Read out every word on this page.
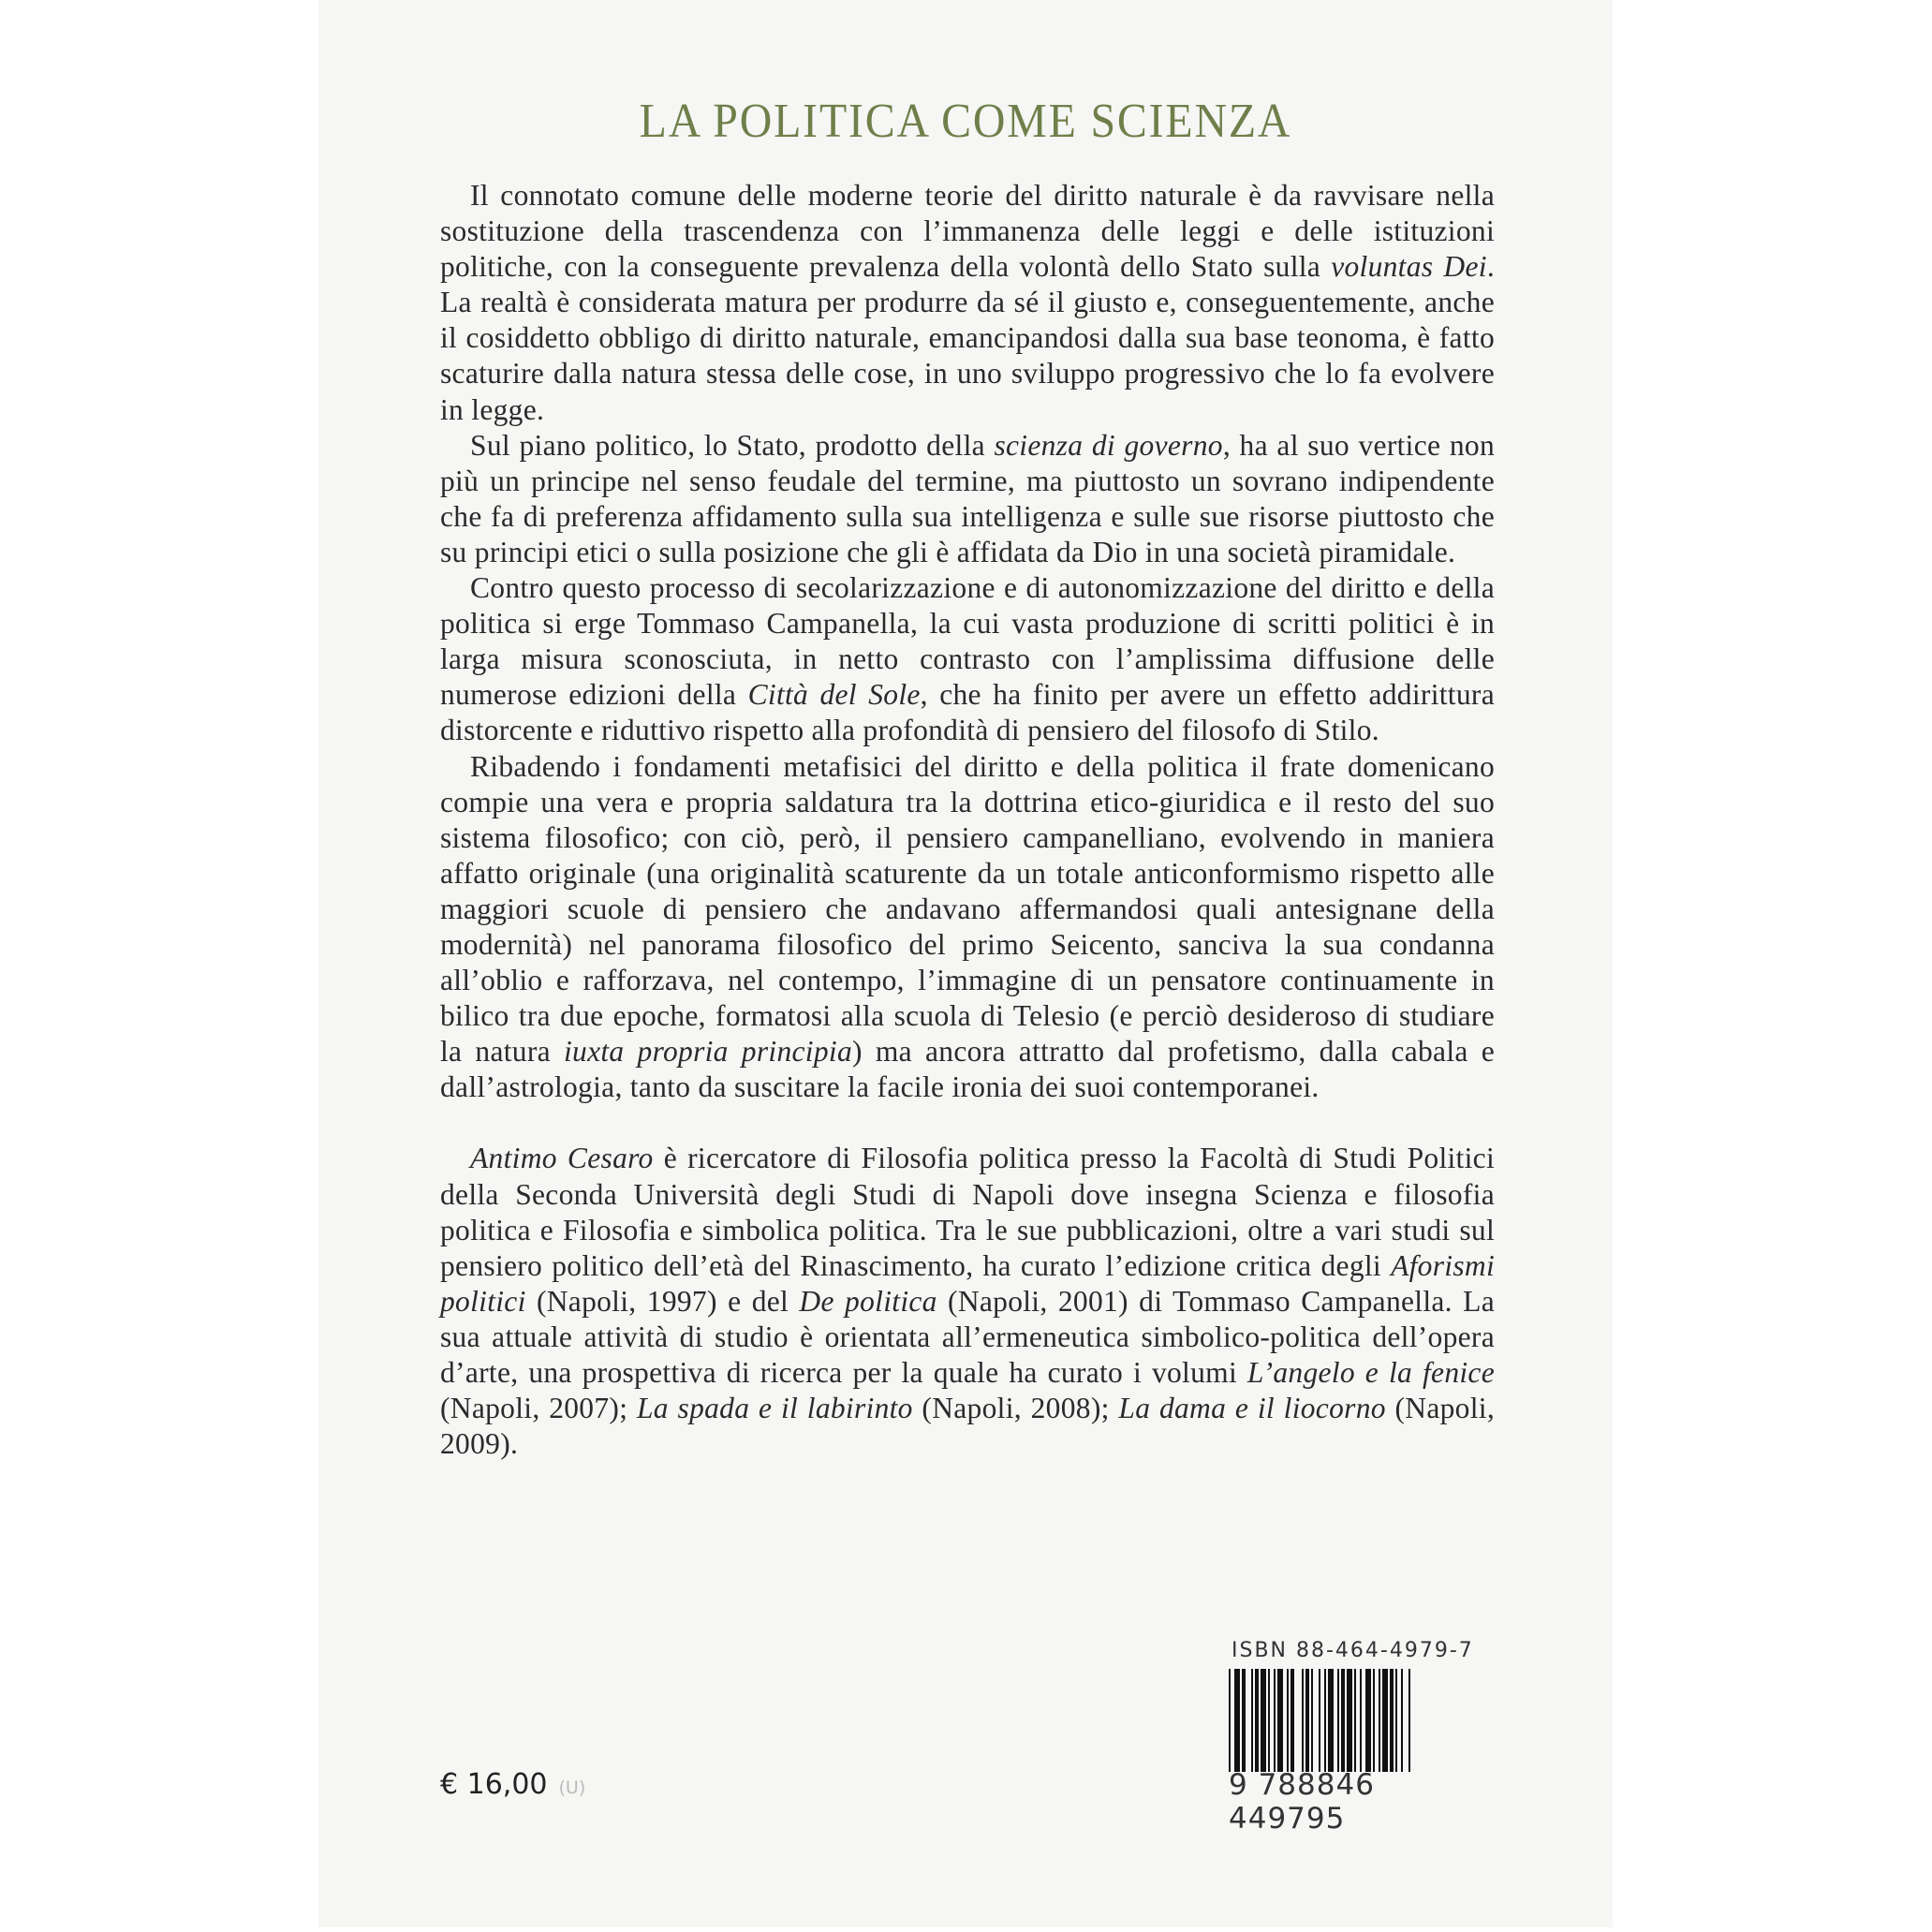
LA POLITICA COME SCIENZA

Il connotato comune delle moderne teorie del diritto naturale è da ravvisare nella sostituzione della trascendenza con l’immanenza delle leggi e delle istituzioni politiche, con la conseguente prevalenza della volontà dello Stato sulla voluntas Dei. La realtà è considerata matura per produrre da sé il giusto e, conseguentemente, anche il cosiddetto obbligo di diritto naturale, emancipandosi dalla sua base teonoma, è fatto scaturire dalla natura stessa delle cose, in uno sviluppo progressivo che lo fa evolvere in legge.

Sul piano politico, lo Stato, prodotto della scienza di governo, ha al suo vertice non più un principe nel senso feudale del termine, ma piuttosto un sovrano indipendente che fa di preferenza affidamento sulla sua intelligenza e sulle sue risorse piuttosto che su principi etici o sulla posizione che gli è affidata da Dio in una società piramidale.

Contro questo processo di secolarizzazione e di autonomizzazione del diritto e della politica si erge Tommaso Campanella, la cui vasta produzione di scritti politici è in larga misura sconosciuta, in netto contrasto con l’amplissima diffusione delle numerose edizioni della Città del Sole, che ha finito per avere un effetto addirittura distorcente e riduttivo rispetto alla profondità di pensiero del filosofo di Stilo.

Ribadendo i fondamenti metafisici del diritto e della politica il frate domenicano compie una vera e propria saldatura tra la dottrina etico-giuridica e il resto del suo sistema filosofico; con ciò, però, il pensiero campanelliano, evolvendo in maniera affatto originale (una originalità scaturente da un totale anticonformismo rispetto alle maggiori scuole di pensiero che andavano affermandosi quali antesignane della modernità) nel panorama filosofico del primo Seicento, sanciva la sua condanna all’oblio e rafforzava, nel contempo, l’immagine di un pensatore continuamente in bilico tra due epoche, formatosi alla scuola di Telesio (e perciò desideroso di studiare la natura iuxta propria principia) ma ancora attratto dal profetismo, dalla cabala e dall’astrologia, tanto da suscitare la facile ironia dei suoi contemporanei.

Antimo Cesaro è ricercatore di Filosofia politica presso la Facoltà di Studi Politici della Seconda Università degli Studi di Napoli dove insegna Scienza e filosofia politica e Filosofia e simbolica politica. Tra le sue pubblicazioni, oltre a vari studi sul pensiero politico dell’età del Rinascimento, ha curato l’edizione critica degli Aforismi politici (Napoli, 1997) e del De politica (Napoli, 2001) di Tommaso Campanella. La sua attuale attività di studio è orientata all’ermeneutica simbolico-politica dell’opera d’arte, una prospettiva di ricerca per la quale ha curato i volumi L’angelo e la fenice (Napoli, 2007); La spada e il labirinto (Napoli, 2008); La dama e il liocorno (Napoli, 2009).

ISBN 88-464-4979-7
9 788846 449795
€ 16,00 (U)
